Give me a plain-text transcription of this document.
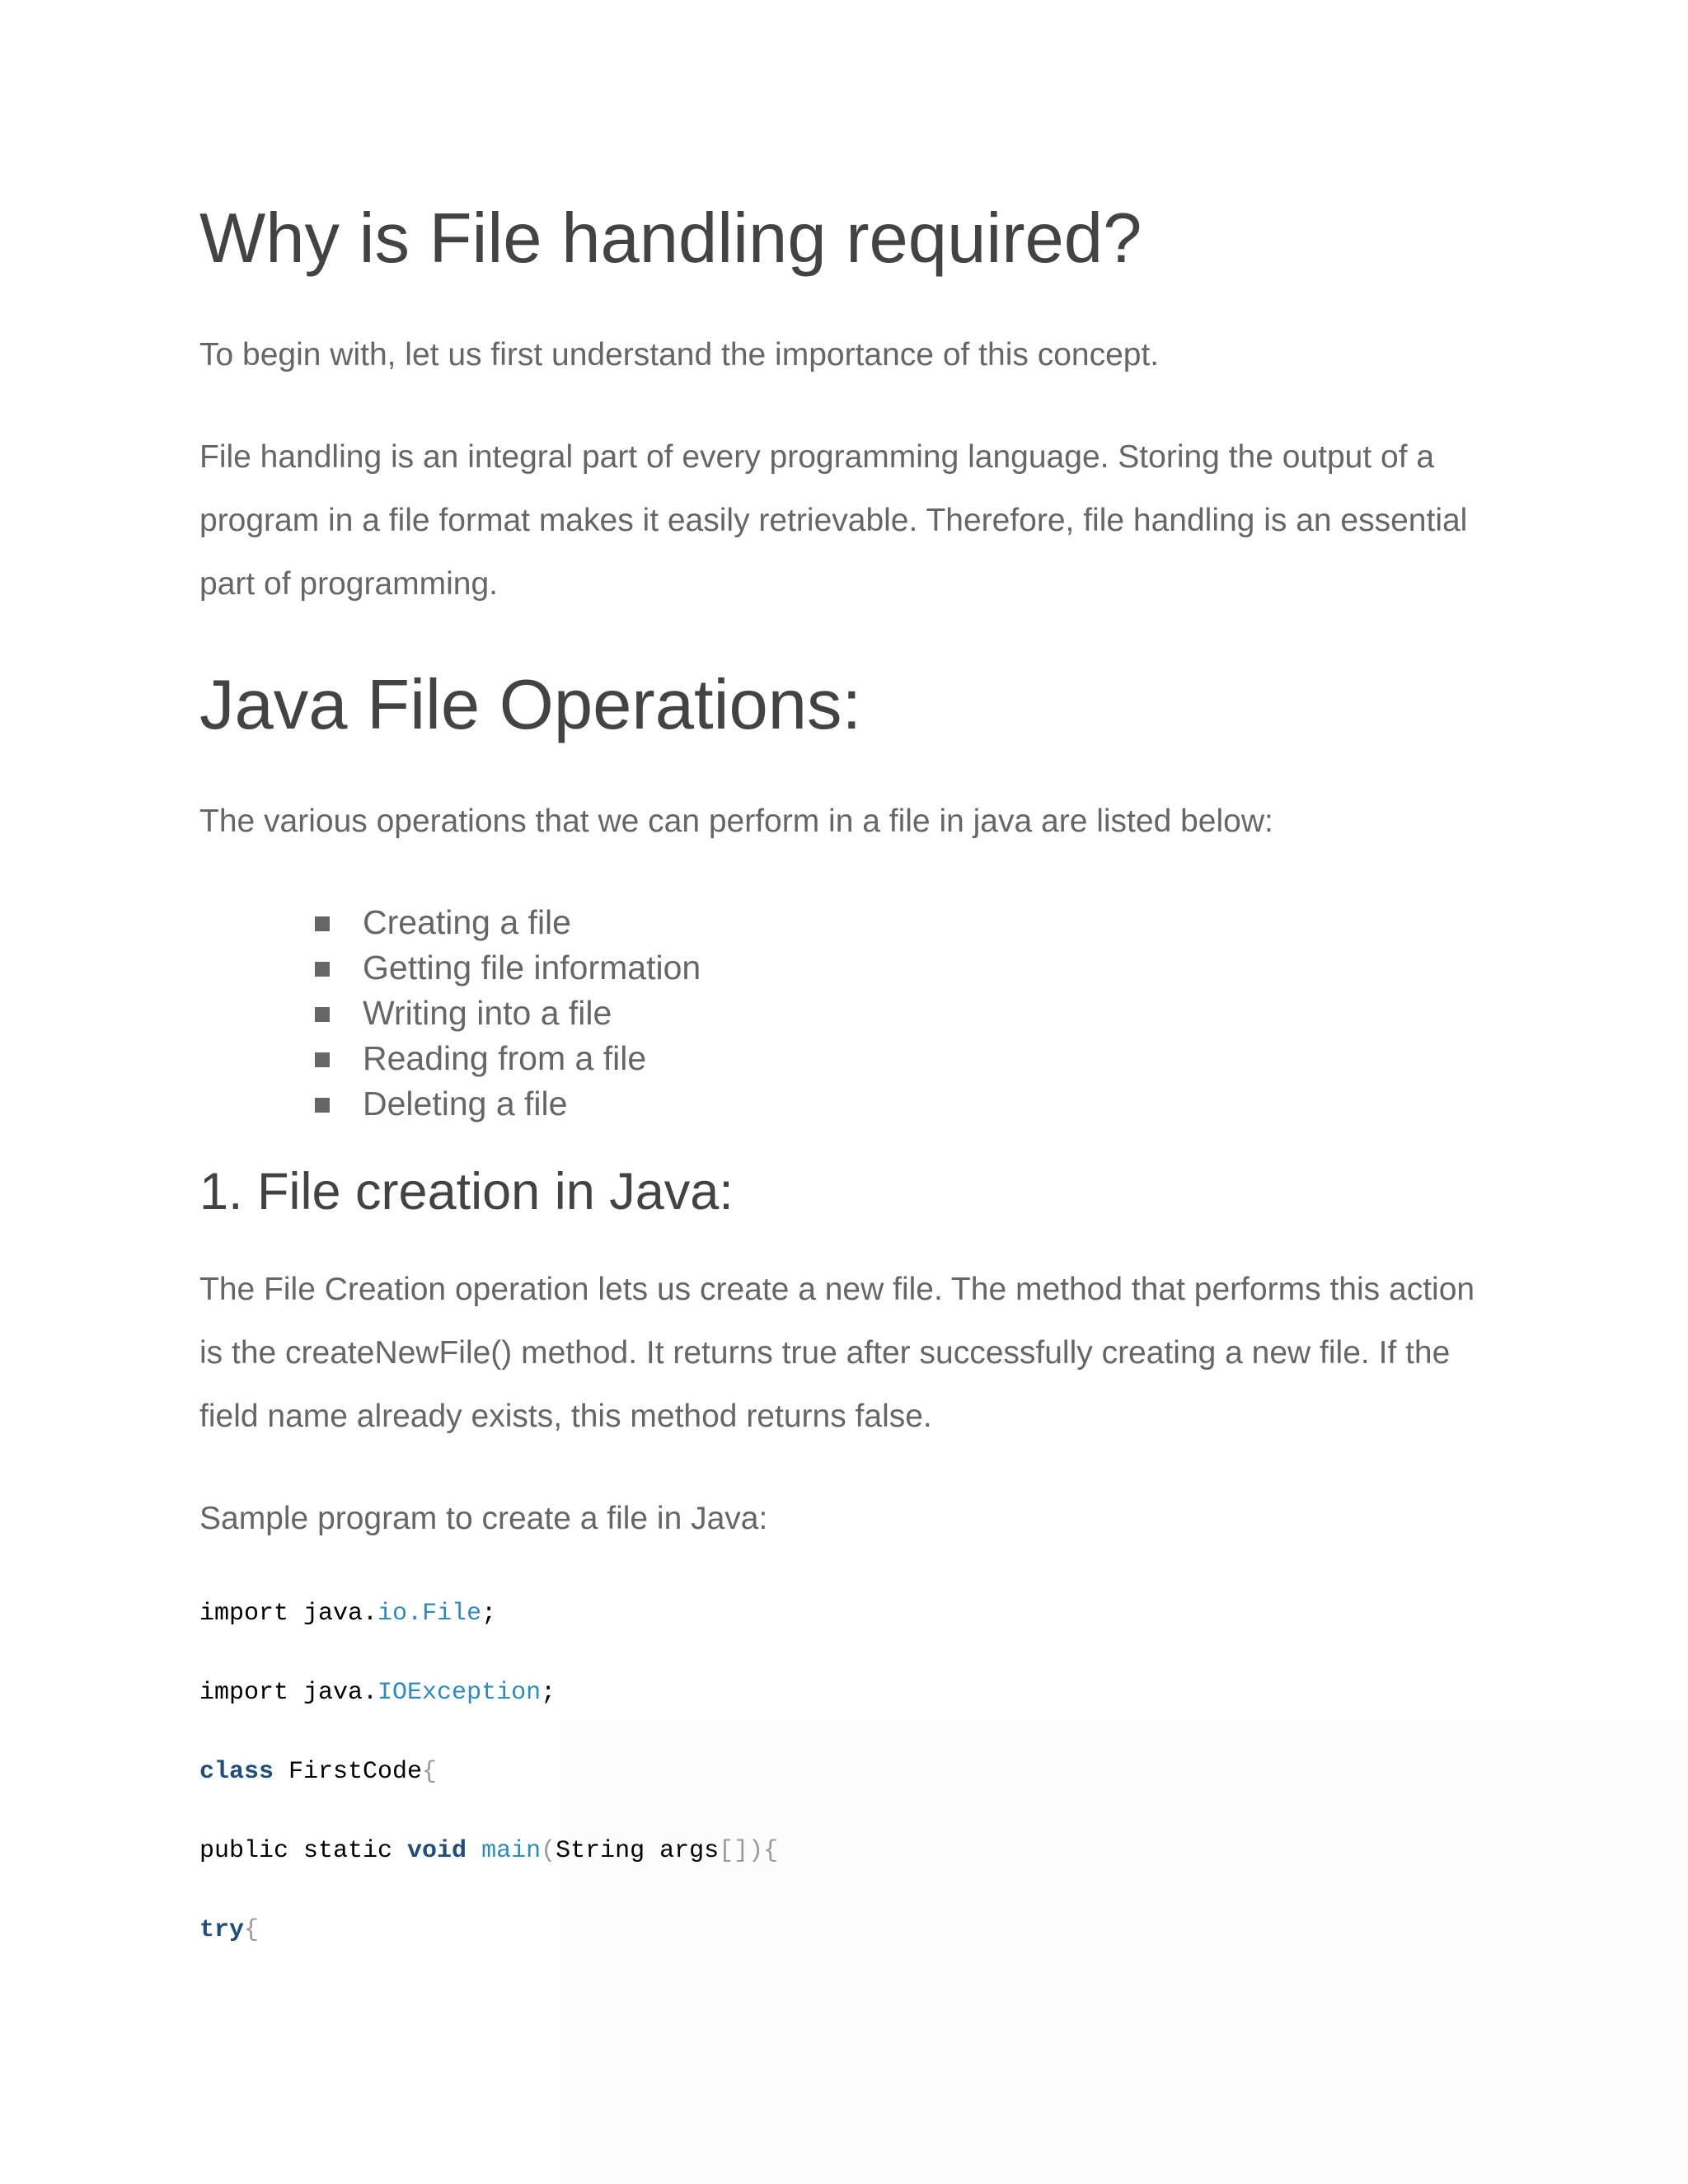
Why is File handling required?

To begin with, let us first understand the importance of this concept.

File handling is an integral part of every programming language. Storing the output of a program in a file format makes it easily retrievable. Therefore, file handling is an essential part of programming.

Java File Operations:

The various operations that we can perform in a file in java are listed below:

Creating a file
Getting file information
Writing into a file
Reading from a file
Deleting a file
1. File creation in Java:

The File Creation operation lets us create a new file. The method that performs this action is the createNewFile() method. It returns true after successfully creating a new file. If the field name already exists, this method returns false.

Sample program to create a file in Java:

import java.io.File;
import java.IOException;
class FirstCode{
public static void main(String args[]){
try{
